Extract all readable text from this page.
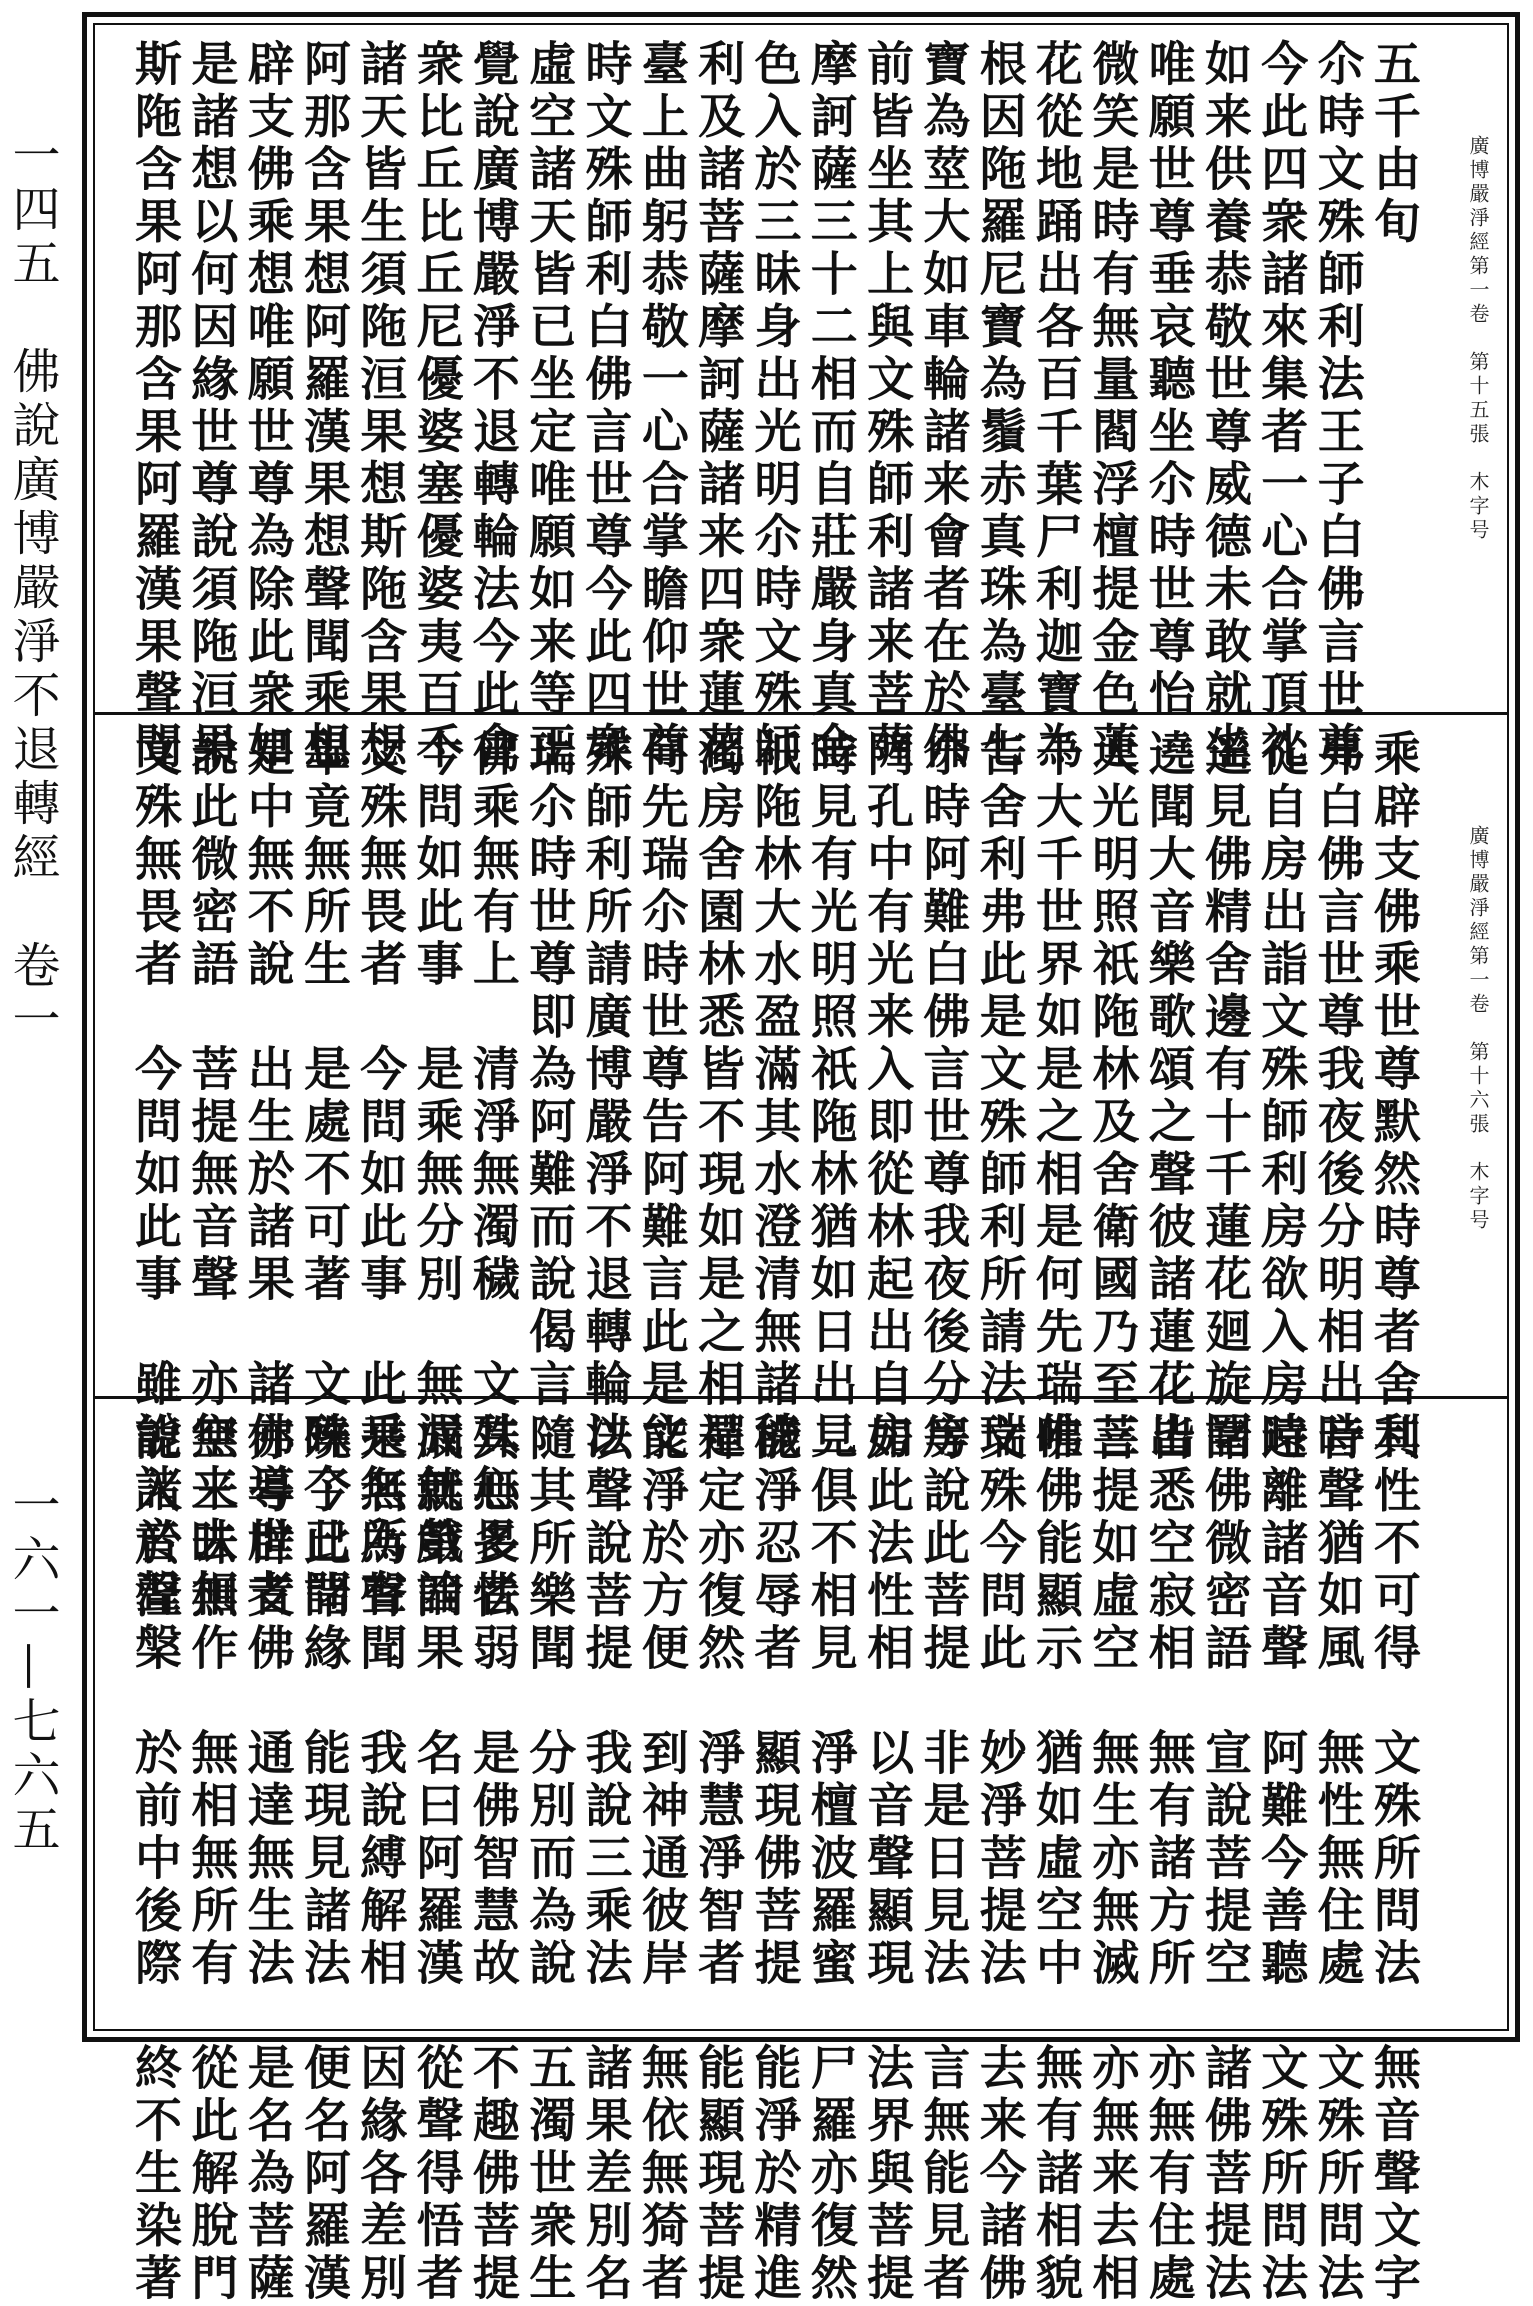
一四五　佛說廣博嚴淨不退轉經　卷一
一六一—七六五
廣博嚴淨經第一卷　第十五張　木字号
五千由旬
尒時文殊師利法王子白佛言世尊
今此四衆諸來集者一心合掌頂礼
如来供養恭敬世尊威德未敢就坐
唯願世尊垂哀聽坐尒時世尊怡
微笑是時有無量閻浮檀提金色蓮
花從地踊出各百千葉尸利迦寶為
根因陁羅尼寶為鬚赤真珠為臺七
寶為莖大如車輪諸来會者在於佛
前皆坐其上與文殊師利諸来菩薩
摩訶薩三十二相而自莊嚴身真金
色入於三昧身出光明尒時文殊師
利及諸菩薩摩訶薩諸来四衆蓮花
臺上曲躬恭敬一心合掌瞻仰世尊
時文殊師利白佛言世尊今此四衆
虛空諸天皆已坐定唯願如来等正
覺說廣博嚴淨不退轉輪法今此會
衆比丘比丘尼優婆塞優婆夷百千
諸天皆生須陁洹果想斯陁含果想
阿那含果想阿羅漢果想聲聞乘想
辟支佛乘想唯願世尊為除此衆如
是諸想以何因緣世尊說須陁洹果
斯陁含果阿那含果阿羅漢果聲聞
廣博嚴淨經第一卷　第十六張　木字号
乘辟支佛乘世尊默然時尊者舍利
弗白佛言世尊我夜後分明相出時
從自房出詣文殊師利房欲入房時
遥見佛精舍邊有十千蓮花廻旋圍
遶聞大音樂歌頌之聲彼諸蓮花出
大光明照祇陁林及舍衛國乃至三
千大千世界如是之相是何先瑞佛
告舍利弗此是文殊師利所請法瑞
尒時阿難白佛言世尊我夜後分房
門孔中有光来入即從林起出自房
時見有光明照祇陁林猶如日出見
祇陁林大水盈滿其水澄清無諸穢
濁房舍園林悉皆不現如是之相是
何先瑞尒時世尊告阿難言此是文
殊師利所請廣博嚴淨不退轉輪法
瑞尒時世尊即為阿難而說偈言
佛乘無有上　清淨無濁穢　文殊無畏者
今問如此事　是乘無分別　無漏無戲論
文殊無畏者　今問如此事　此乘無所有
畢竟無所生　是處不可著　文殊今已問
是中無不說　出生於諸果　諸佛導世者
說此微密語　菩提無音聲　亦無来去相
文殊無畏者　今問如此事　雖說諸音聲
其性不可得　文殊所問法　無音聲文字
音聲猶如風　無性無住處　文殊所問法
遠離諸音聲　阿難今善聽　文殊所問法
諸佛微密語　宣說菩提空　諸佛菩提法
皆悉空寂相　無有諸方所　亦無有住處
菩提如虛空　無生亦無滅　亦無来去相
唯佛能顯示　猶如虛空中　無有諸相貌
文殊今問此　妙淨菩提法　去来今諸佛
等說此菩提　非是日見法　言無能見者
如此法性相　以音聲顯現　法界與菩提
二俱不相見　淨檀波羅蜜　尸羅亦復然
能淨忍辱者　顯現佛菩提　能淨於精進
禪定亦復然　淨慧淨智者　能顯現菩提
能淨於方便　到神通彼岸　無依無猗者
以聲說菩提　我說三乘法　諸果差別名
隨其所樂聞　分別而為說　五濁世衆生
其心多怯弱　是佛智慧故　不趣佛菩提
成就第四果　名曰阿羅漢　從聲得悟者
是名為聲聞　我說縛解相　因緣各差別
曉了此諸緣　能現見諸法　便名阿羅漢
亦号辟支佛　通達無生法　是名為菩薩
空三昧無作　無相無所有　從此解脫門
能入於涅槃　於前中後際　終不生染著
